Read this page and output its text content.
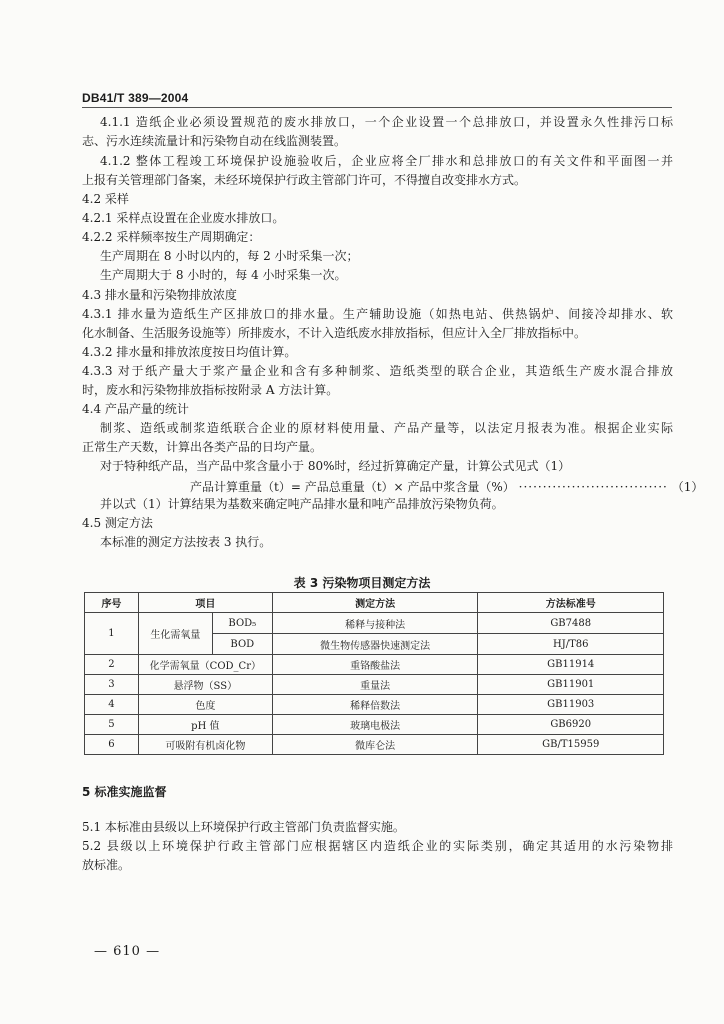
DB41/T 389—2004
4.1.1 造纸企业必须设置规范的废水排放口，一个企业设置一个总排放口，并设置永久性排污口标
志、污水连续流量计和污染物自动在线监测装置。
4.1.2 整体工程竣工环境保护设施验收后，企业应将全厂排水和总排放口的有关文件和平面图一并
上报有关管理部门备案，未经环境保护行政主管部门许可，不得擅自改变排水方式。
4.2 采样
4.2.1 采样点设置在企业废水排放口。
4.2.2 采样频率按生产周期确定：
生产周期在 8 小时以内的，每 2 小时采集一次；
生产周期大于 8 小时的，每 4 小时采集一次。
4.3 排水量和污染物排放浓度
4.3.1 排水量为造纸生产区排放口的排水量。生产辅助设施（如热电站、供热锅炉、间接冷却排水、软
化水制备、生活服务设施等）所排废水，不计入造纸废水排放指标，但应计入全厂排放指标中。
4.3.2 排水量和排放浓度按日均值计算。
4.3.3 对于纸产量大于浆产量企业和含有多种制浆、造纸类型的联合企业，其造纸生产废水混合排放
时，废水和污染物排放指标按附录 A 方法计算。
4.4 产品产量的统计
制浆、造纸或制浆造纸联合企业的原材料使用量、产品产量等，以法定月报表为准。根据企业实际
正常生产天数，计算出各类产品的日均产量。
对于特种纸产品，当产品中浆含量小于 80%时，经过折算确定产量，计算公式见式（1）
产品计算重量（t）= 产品总重量（t）× 产品中浆含量（%） ······························· （1）
并以式（1）计算结果为基数来确定吨产品排水量和吨产品排放污染物负荷。
4.5 测定方法
本标准的测定方法按表 3 执行。
表 3 污染物项目测定方法
序号	项目		测定方法	方法标准号
1	生化需氧量	BOD₅	稀释与接种法	GB7488
		BOD	微生物传感器快速测定法	HJ/T86
2	化学需氧量（COD_Cr）		重铬酸盐法	GB11914
3	悬浮物（SS）		重量法	GB11901
4	色度		稀释倍数法	GB11903
5	pH 值		玻璃电极法	GB6920
6	可吸附有机卤化物		微库仑法	GB/T15959
5 标准实施监督
5.1 本标准由县级以上环境保护行政主管部门负责监督实施。
5.2 县级以上环境保护行政主管部门应根据辖区内造纸企业的实际类别，确定其适用的水污染物排
放标准。
— 610 —
